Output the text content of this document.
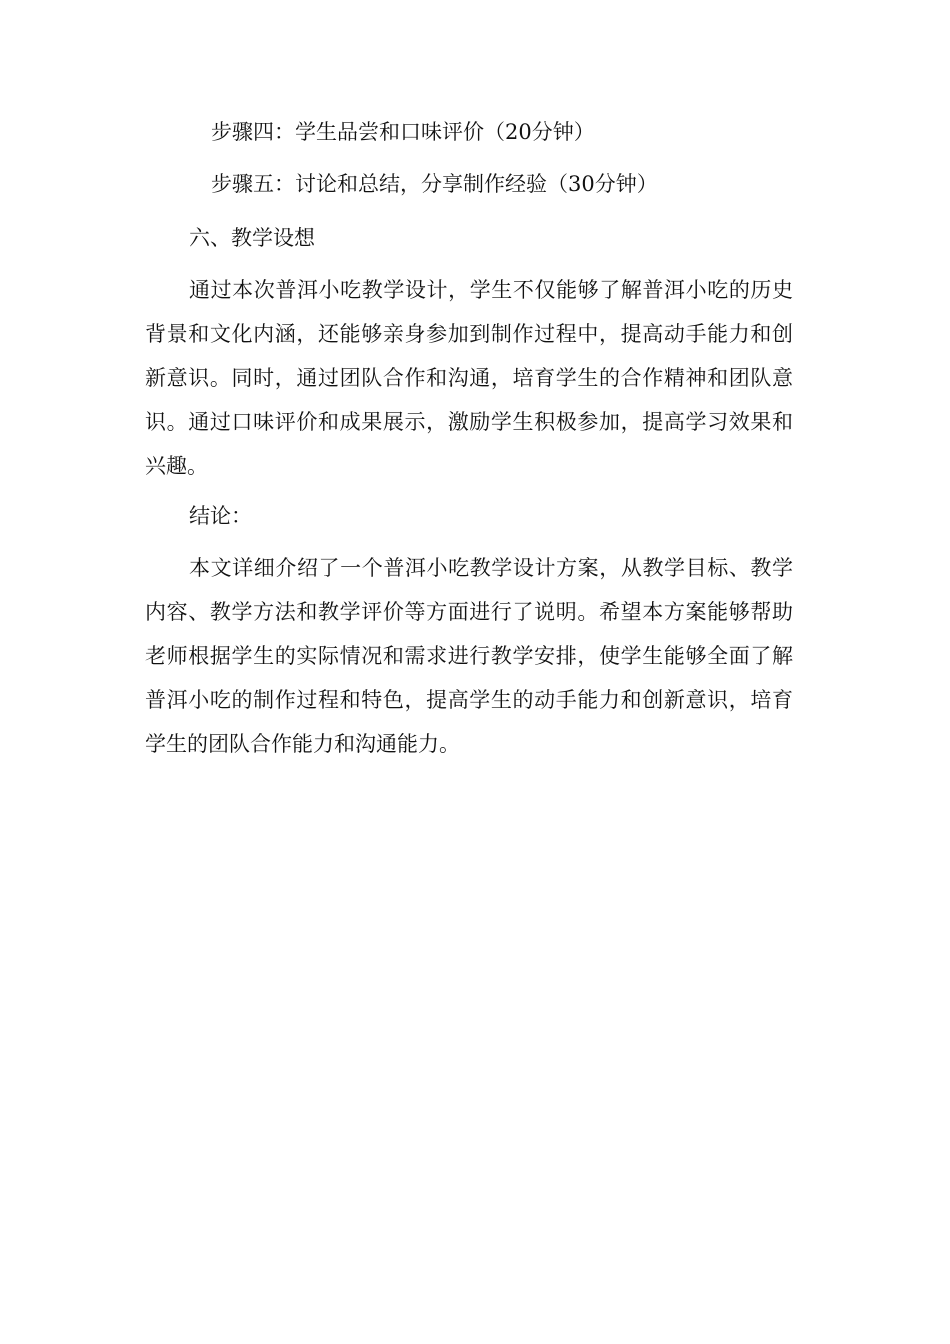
步骤四：学生品尝和口味评价（20分钟）

步骤五：讨论和总结，分享制作经验（30分钟）

六、教学设想

通过本次普洱小吃教学设计，学生不仅能够了解普洱小吃的历史背景和文化内涵，还能够亲身参加到制作过程中，提高动手能力和创新意识。同时，通过团队合作和沟通，培育学生的合作精神和团队意识。通过口味评价和成果展示，激励学生积极参加，提高学习效果和兴趣。

结论：

本文详细介绍了一个普洱小吃教学设计方案，从教学目标、教学内容、教学方法和教学评价等方面进行了说明。希望本方案能够帮助老师根据学生的实际情况和需求进行教学安排，使学生能够全面了解普洱小吃的制作过程和特色，提高学生的动手能力和创新意识，培育学生的团队合作能力和沟通能力。
